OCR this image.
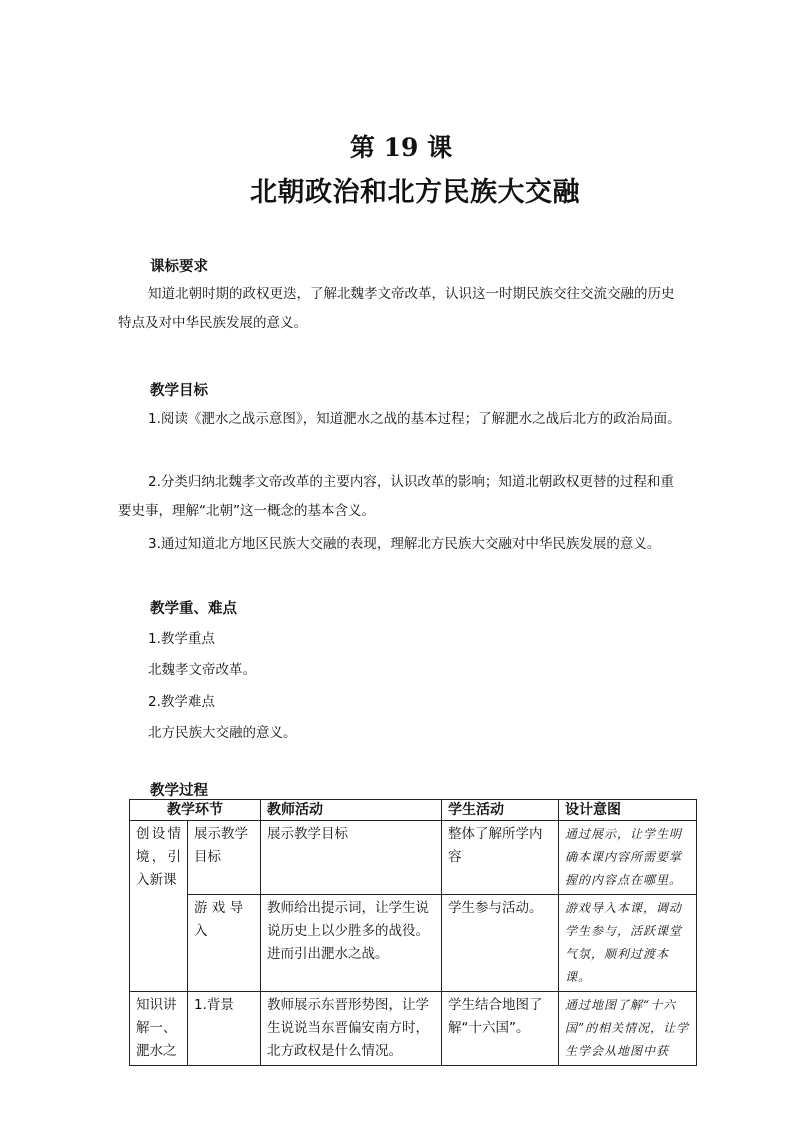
第 19 课
北朝政治和北方民族大交融
课标要求
知道北朝时期的政权更迭，了解北魏孝文帝改革，认识这一时期民族交往交流交融的历史特点及对中华民族发展的意义。
教学目标
1.阅读《淝水之战示意图》，知道淝水之战的基本过程；了解淝水之战后北方的政治局面。
2.分类归纳北魏孝文帝改革的主要内容，认识改革的影响；知道北朝政权更替的过程和重要史事，理解“北朝”这一概念的基本含义。
3.通过知道北方地区民族大交融的表现，理解北方民族大交融对中华民族发展的意义。
教学重、难点
1.教学重点
北魏孝文帝改革。
2.教学难点
北方民族大交融的意义。
教学过程
教学环节		教师活动	学生活动	设计意图
创设情境，引入新课	展示教学目标	展示教学目标	整体了解所学内容	通过展示，让学生明确本课内容所需要掌握的内容点在哪里。
	游 戏 导 入	教师给出提示词，让学生说说历史上以少胜多的战役。进而引出淝水之战。	学生参与活动。	游戏导入本课，调动学生参与，活跃课堂气氛，顺利过渡本课。
知识讲解一、淝水之	1.背景	教师展示东晋形势图，让学生说说当东晋偏安南方时，北方政权是什么情况。	学生结合地图了解“十六国”。	通过地图了解“十六国”的相关情况，让学生学会从地图中获
